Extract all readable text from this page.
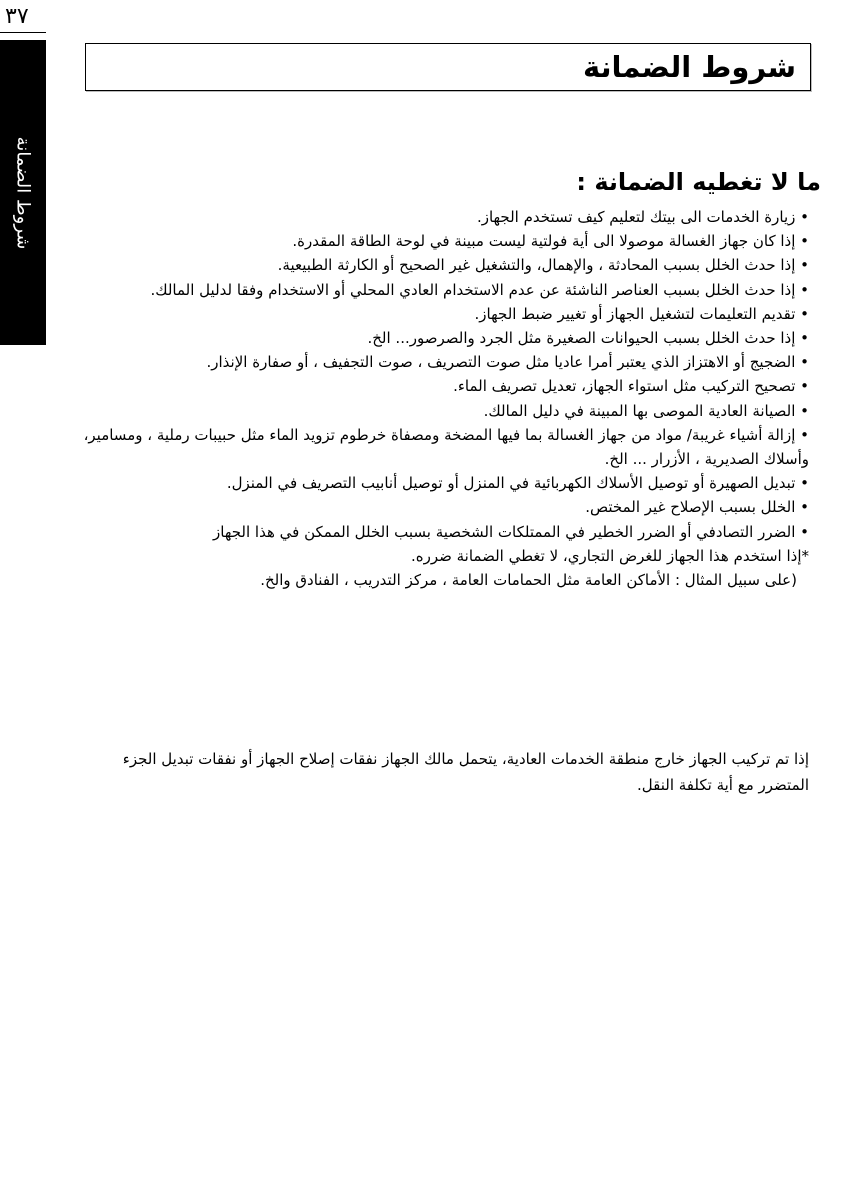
٣٧
شروط الضمانة
شروط الضمانة
ما لا تغطيه الضمانة :
• زيارة الخدمات الى بيتك لتعليم كيف تستخدم الجهاز.
• إذا كان جهاز الغسالة موصولا الى أية فولتية ليست مبينة في لوحة الطاقة المقدرة.
• إذا حدث الخلل بسبب المحادثة ، والإهمال، والتشغيل غير الصحيح أو الكارثة الطبيعية.
• إذا حدث الخلل بسبب العناصر الناشئة عن عدم الاستخدام العادي المحلي أو الاستخدام وفقا لدليل المالك.
• تقديم التعليمات لتشغيل الجهاز أو تغيير ضبط الجهاز.
• إذا حدث الخلل بسبب الحيوانات الصغيرة مثل الجرد والصرصور... الخ.
• الضجيج أو الاهتزاز الذي يعتبر أمرا عاديا مثل صوت التصريف ، صوت التجفيف ، أو صفارة الإنذار.
• تصحيح التركيب مثل استواء الجهاز، تعديل تصريف الماء.
• الصيانة العادية الموصى بها المبينة في دليل المالك.
• إزالة أشياء غريبة/ مواد من جهاز الغسالة بما فيها المضخة ومصفاة خرطوم تزويد الماء مثل حبيبات رملية ، ومسامير، وأسلاك الصديرية ، الأزرار ... الخ.
• تبديل الصهيرة أو توصيل الأسلاك الكهربائية في المنزل أو توصيل أنابيب التصريف في المنزل.
• الخلل بسبب الإصلاح غير المختص.
• الضرر التصادفي أو الضرر الخطير في الممتلكات الشخصية بسبب الخلل الممكن في هذا الجهاز
*إذا استخدم هذا الجهاز للغرض التجاري، لا تغطي الضمانة ضرره.
(على سبيل المثال : الأماكن العامة مثل الحمامات العامة ، مركز التدريب ، الفنادق والخ.

إذا تم تركيب الجهاز خارج منطقة الخدمات العادية، يتحمل مالك الجهاز نفقات إصلاح الجهاز أو نفقات تبديل الجزء المتضرر مع أية تكلفة النقل.
